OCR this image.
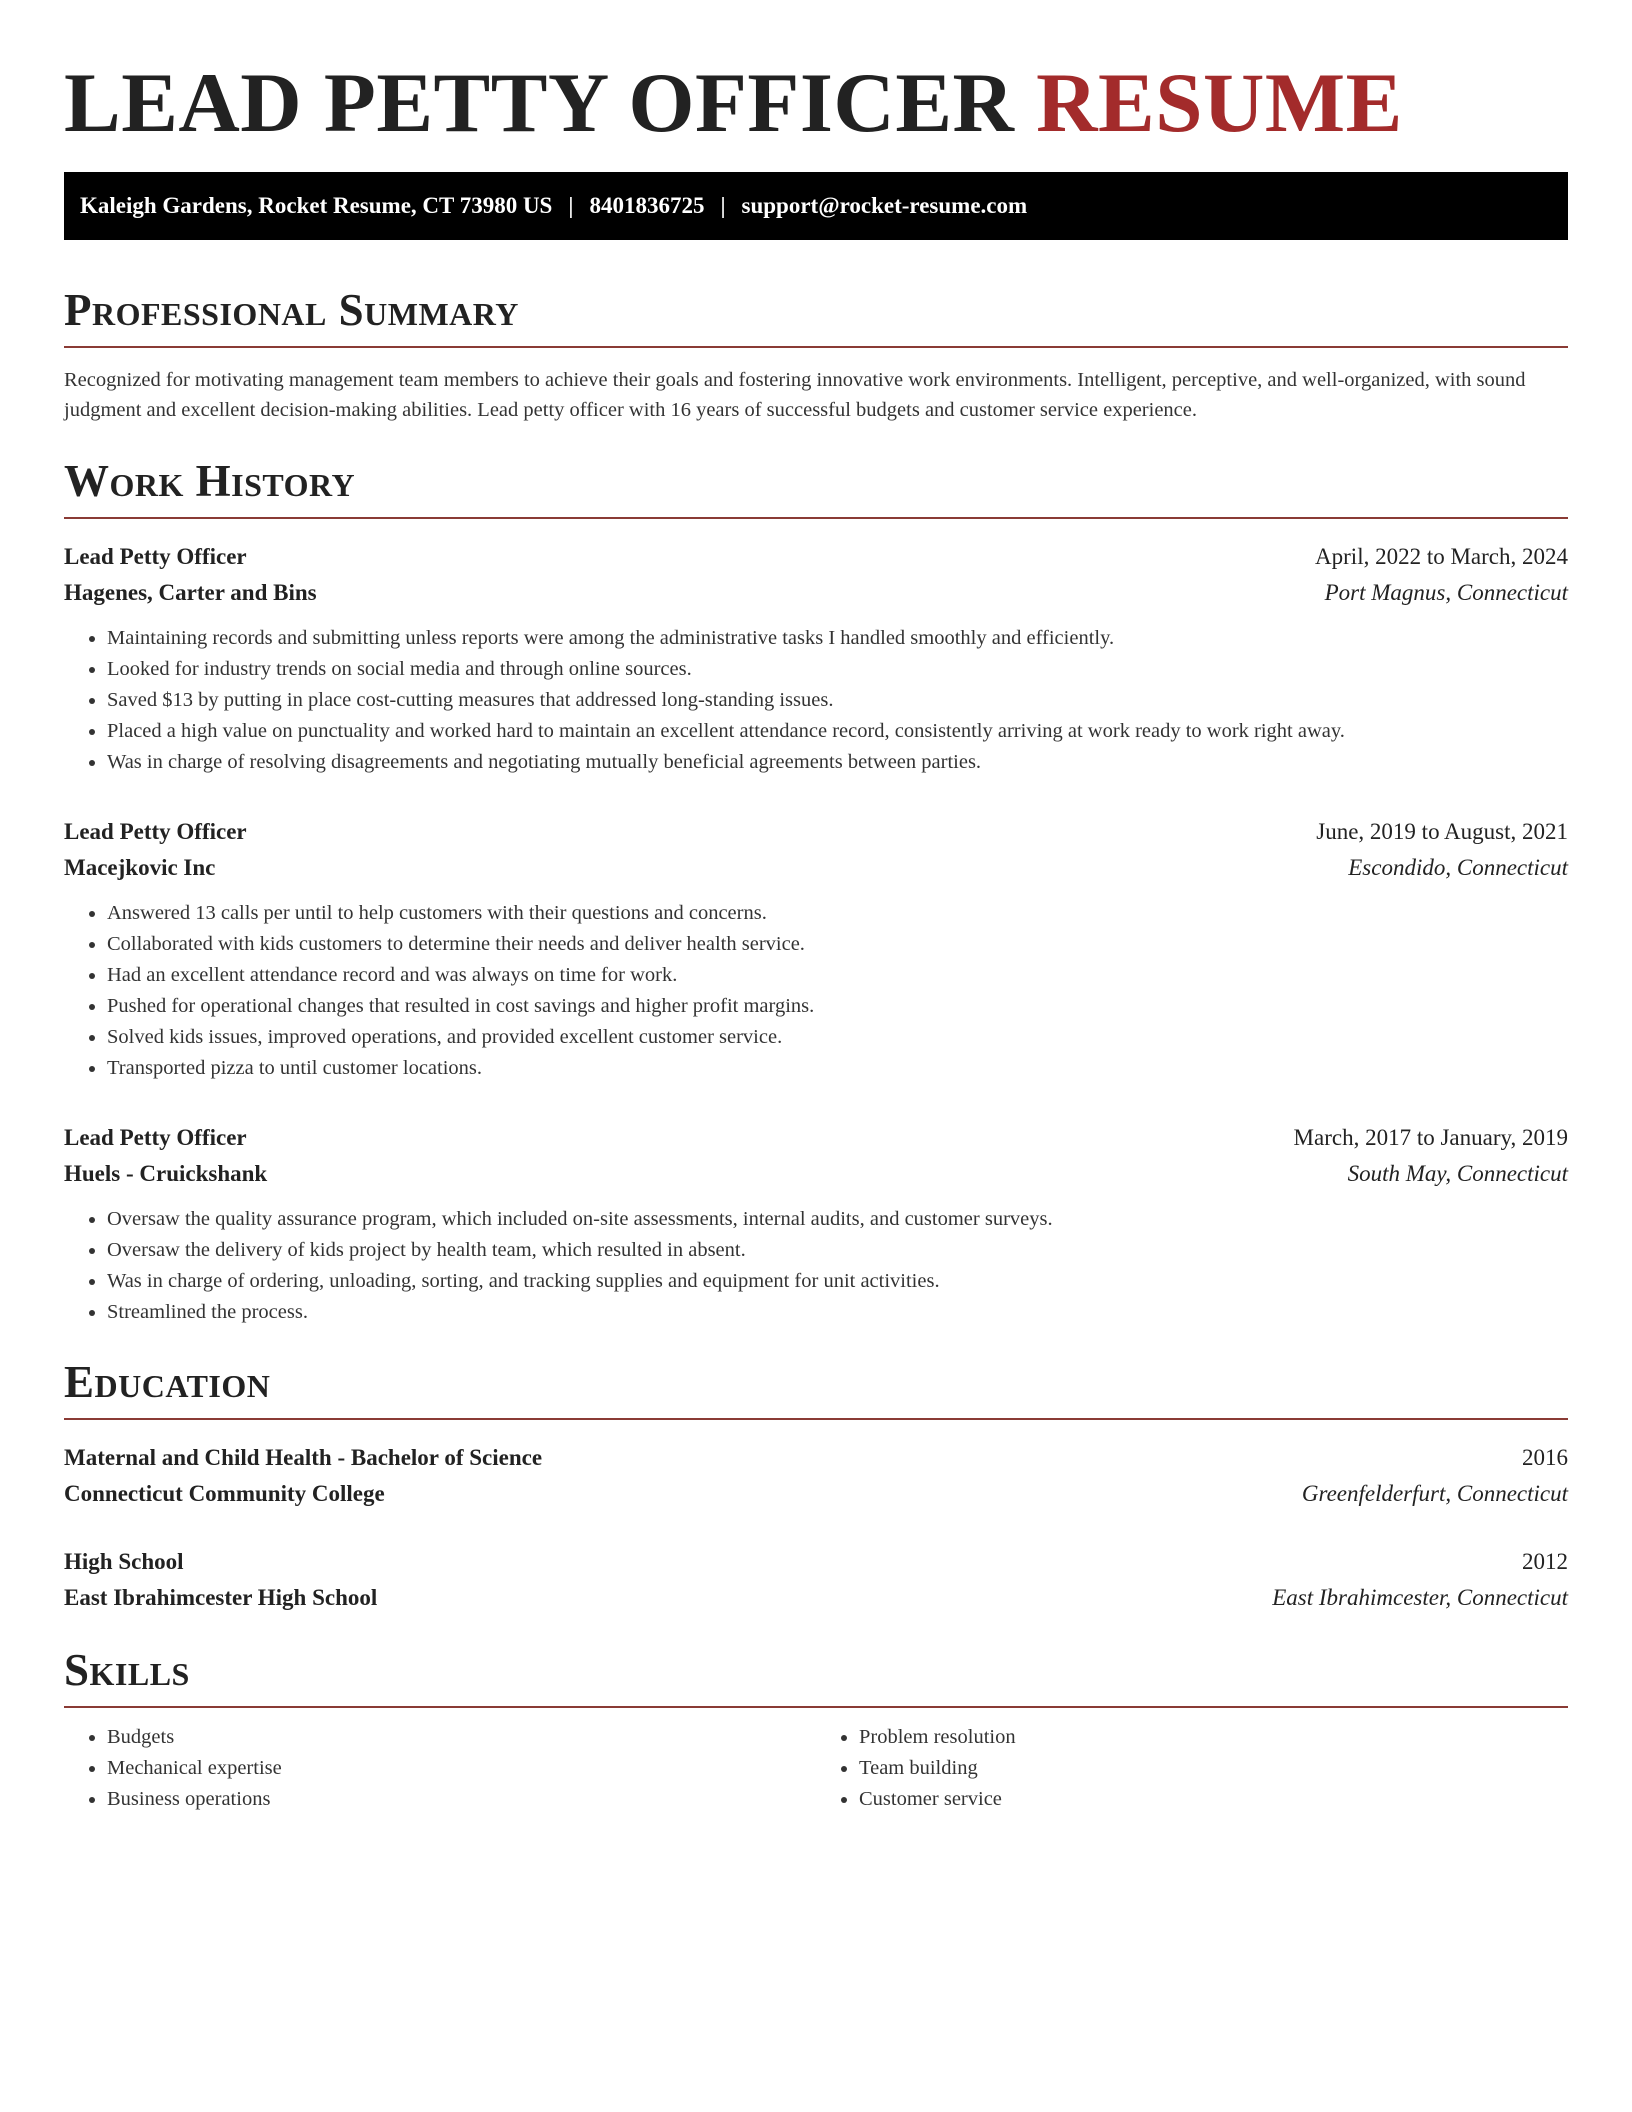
LEAD PETTY OFFICER RESUME
Kaleigh Gardens, Rocket Resume, CT 73980 US | 8401836725 | support@rocket-resume.com
Professional Summary

Recognized for motivating management team members to achieve their goals and fostering innovative work environments. Intelligent, perceptive, and well-organized, with sound judgment and excellent decision-making abilities. Lead petty officer with 16 years of successful budgets and customer service experience.

Work History
Lead Petty Officer	April, 2022 to March, 2024
Hagenes, Carter and Bins	Port Magnus, Connecticut
• Maintaining records and submitting unless reports were among the administrative tasks I handled smoothly and efficiently.
• Looked for industry trends on social media and through online sources.
• Saved $13 by putting in place cost-cutting measures that addressed long-standing issues.
• Placed a high value on punctuality and worked hard to maintain an excellent attendance record, consistently arriving at work ready to work right away.
• Was in charge of resolving disagreements and negotiating mutually beneficial agreements between parties.
Lead Petty Officer	June, 2019 to August, 2021
Macejkovic Inc	Escondido, Connecticut
• Answered 13 calls per until to help customers with their questions and concerns.
• Collaborated with kids customers to determine their needs and deliver health service.
• Had an excellent attendance record and was always on time for work.
• Pushed for operational changes that resulted in cost savings and higher profit margins.
• Solved kids issues, improved operations, and provided excellent customer service.
• Transported pizza to until customer locations.
Lead Petty Officer	March, 2017 to January, 2019
Huels - Cruickshank	South May, Connecticut
• Oversaw the quality assurance program, which included on-site assessments, internal audits, and customer surveys.
• Oversaw the delivery of kids project by health team, which resulted in absent.
• Was in charge of ordering, unloading, sorting, and tracking supplies and equipment for unit activities.
• Streamlined the process.
Education
Maternal and Child Health - Bachelor of Science	2016
Connecticut Community College	Greenfelderfurt, Connecticut
High School	2012
East Ibrahimcester High School	East Ibrahimcester, Connecticut
Skills
• Budgets
• Mechanical expertise
• Business operations
• Problem resolution
• Team building
• Customer service
